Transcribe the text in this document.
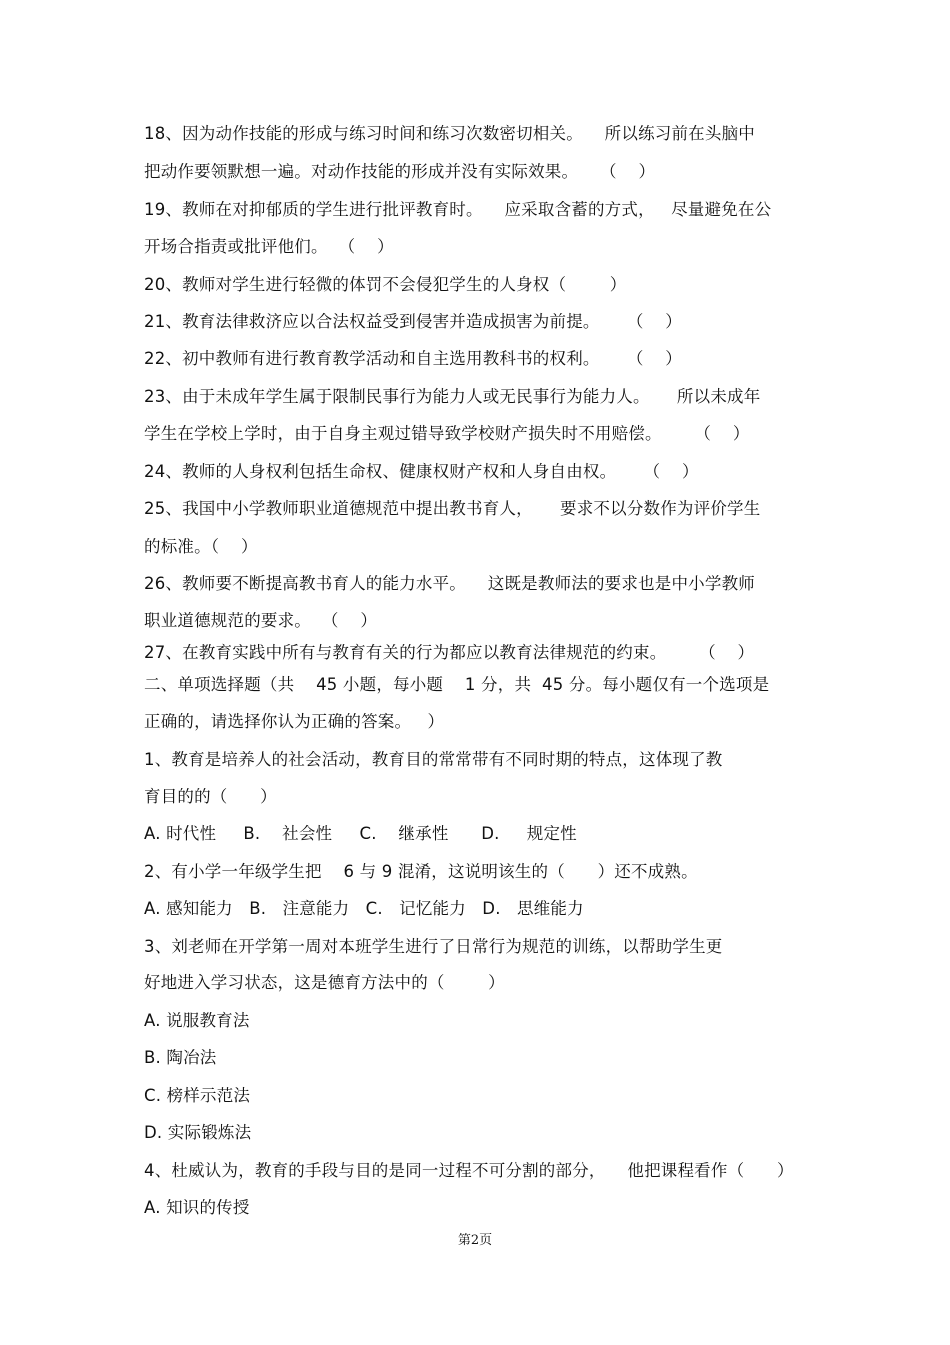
18、因为动作技能的形成与练习时间和练习次数密切相关。    所以练习前在头脑中
把动作要领默想一遍。对动作技能的形成并没有实际效果。    （    ）
19、教师在对抑郁质的学生进行批评教育时。    应采取含蓄的方式，   尽量避免在公
开场合指责或批评他们。  （    ）
20、教师对学生进行轻微的体罚不会侵犯学生的人身权（        ）
21、教育法律救济应以合法权益受到侵害并造成损害为前提。     （    ）
22、初中教师有进行教育教学活动和自主选用教科书的权利。     （    ）
23、由于未成年学生属于限制民事行为能力人或无民事行为能力人。     所以未成年
学生在学校上学时，由于自身主观过错导致学校财产损失时不用赔偿。      （    ）
24、教师的人身权利包括生命权、健康权财产权和人身自由权。     （    ）
25、我国中小学教师职业道德规范中提出教书育人，     要求不以分数作为评价学生
的标准。（    ）
26、教师要不断提高教书育人的能力水平。    这既是教师法的要求也是中小学教师
职业道德规范的要求。  （    ）
27、在教育实践中所有与教育有关的行为都应以教育法律规范的约束。      （    ）
二、单项选择题（共    45 小题，每小题    1 分，共  45 分。每小题仅有一个选项是
正确的，请选择你认为正确的答案。   ）
1、教育是培养人的社会活动，教育目的常常带有不同时期的特点，这体现了教
育目的的（      ）
A. 时代性     B.    社会性     C.    继承性      D.     规定性
2、有小学一年级学生把    6 与 9 混淆，这说明该生的（      ）还不成熟。
A. 感知能力   B.   注意能力   C.   记忆能力   D.   思维能力
3、刘老师在开学第一周对本班学生进行了日常行为规范的训练，以帮助学生更
好地进入学习状态，这是德育方法中的（        ）
A. 说服教育法
B. 陶冶法
C. 榜样示范法
D. 实际锻炼法
4、杜威认为，教育的手段与目的是同一过程不可分割的部分，    他把课程看作（      ）
A. 知识的传授
第2页
